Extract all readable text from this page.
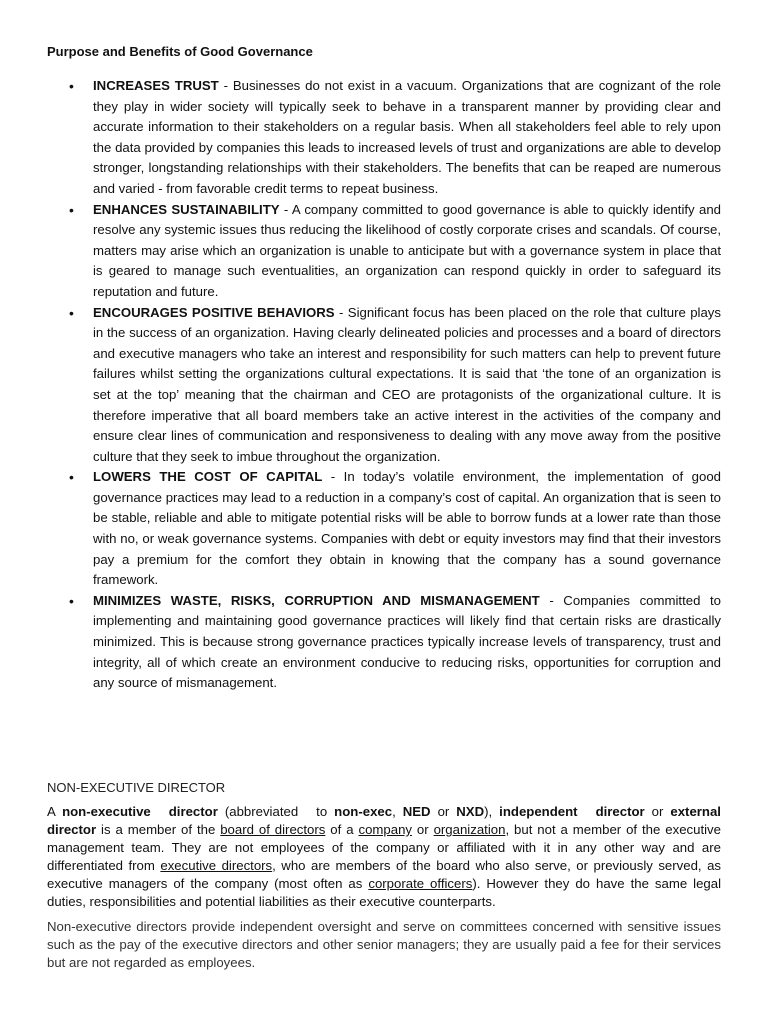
Purpose and Benefits of Good Governance
• INCREASES TRUST - Businesses do not exist in a vacuum. Organizations that are cognizant of the role they play in wider society will typically seek to behave in a transparent manner by providing clear and accurate information to their stakeholders on a regular basis. When all stakeholders feel able to rely upon the data provided by companies this leads to increased levels of trust and organizations are able to develop stronger, longstanding relationships with their stakeholders. The benefits that can be reaped are numerous and varied - from favorable credit terms to repeat business.
• ENHANCES SUSTAINABILITY - A company committed to good governance is able to quickly identify and resolve any systemic issues thus reducing the likelihood of costly corporate crises and scandals. Of course, matters may arise which an organization is unable to anticipate but with a governance system in place that is geared to manage such eventualities, an organization can respond quickly in order to safeguard its reputation and future.
• ENCOURAGES POSITIVE BEHAVIORS - Significant focus has been placed on the role that culture plays in the success of an organization. Having clearly delineated policies and processes and a board of directors and executive managers who take an interest and responsibility for such matters can help to prevent future failures whilst setting the organizations cultural expectations. It is said that ‘the tone of an organization is set at the top’ meaning that the chairman and CEO are protagonists of the organizational culture. It is therefore imperative that all board members take an active interest in the activities of the company and ensure clear lines of communication and responsiveness to dealing with any move away from the positive culture that they seek to imbue throughout the organization.
• LOWERS THE COST OF CAPITAL - In today’s volatile environment, the implementation of good governance practices may lead to a reduction in a company’s cost of capital. An organization that is seen to be stable, reliable and able to mitigate potential risks will be able to borrow funds at a lower rate than those with no, or weak governance systems. Companies with debt or equity investors may find that their investors pay a premium for the comfort they obtain in knowing that the company has a sound governance framework.
• MINIMIZES WASTE, RISKS, CORRUPTION AND MISMANAGEMENT - Companies committed to implementing and maintaining good governance practices will likely find that certain risks are drastically minimized. This is because strong governance practices typically increase levels of transparency, trust and integrity, all of which create an environment conducive to reducing risks, opportunities for corruption and any source of mismanagement.
NON-EXECUTIVE DIRECTOR
A non-executive director (abbreviated to non-exec, NED or NXD), independent director or external director is a member of the board of directors of a company or organization, but not a member of the executive management team. They are not employees of the company or affiliated with it in any other way and are differentiated from executive directors, who are members of the board who also serve, or previously served, as executive managers of the company (most often as corporate officers). However they do have the same legal duties, responsibilities and potential liabilities as their executive counterparts.
Non-executive directors provide independent oversight and serve on committees concerned with sensitive issues such as the pay of the executive directors and other senior managers; they are usually paid a fee for their services but are not regarded as employees.
